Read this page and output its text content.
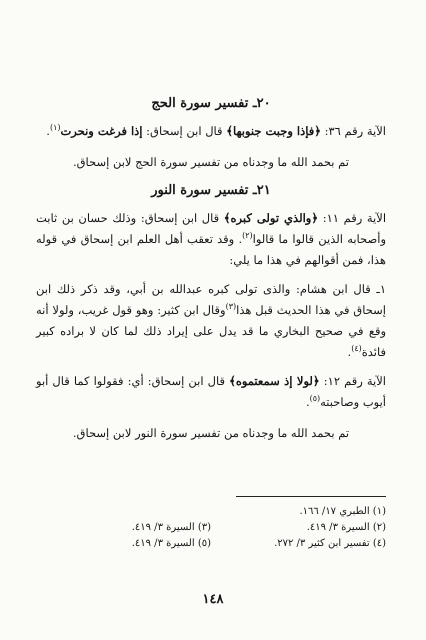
٢٠ـ تفسير سورة الحج

الآية رقم ٣٦: ﴿فإذا وجبت جنوبها﴾ قال ابن إسحاق: إذا فرغت ونحرت$^{(١)}$.

تم بحمد الله ما وجدناه من تفسير سورة الحج لابن إسحاق.
٢١ـ تفسير سورة النور

الآية رقم ١١: ﴿والذي تولى كبره﴾ قال ابن إسحاق: وذلك حسان بن ثابت وأصحابه الذين قالوا ما قالوا$^{(٢)}$. وقد تعقب أهل العلم ابن إسحاق في قوله هذا، فمن أقوالهم في هذا ما يلي:

١ـ قال ابن هشام: والذى تولى كبره عبدالله بن أبي، وقد ذكر ذلك ابن إسحاق في هذا الحديث قبل هذا$^{(٣)}$وقال ابن كثير: وهو قول غريب، ولولا أنه وقع في صحيح البخاري ما قد يدل على إيراد ذلك لما كان لا براده كبير فائدة$^{(٤)}$.

الآية رقم ١٢: ﴿لولا إذ سمعتموه﴾ قال ابن إسحاق: أي: فقولوا كما قال أبو أيوب وصاحبته$^{(٥)}$.

تم بحمد الله ما وجدناه من تفسير سورة النور لابن إسحاق.
(١) الطبري ١٧/ ١٦٦.
(٢) السيرة ٣/ ٤١٩.
(٣) السيرة ٣/ ٤١٩.
(٤) تفسير ابن كثير ٣/ ٢٧٢.
(٥) السيرة ٣/ ٤١٩.
١٤٨
